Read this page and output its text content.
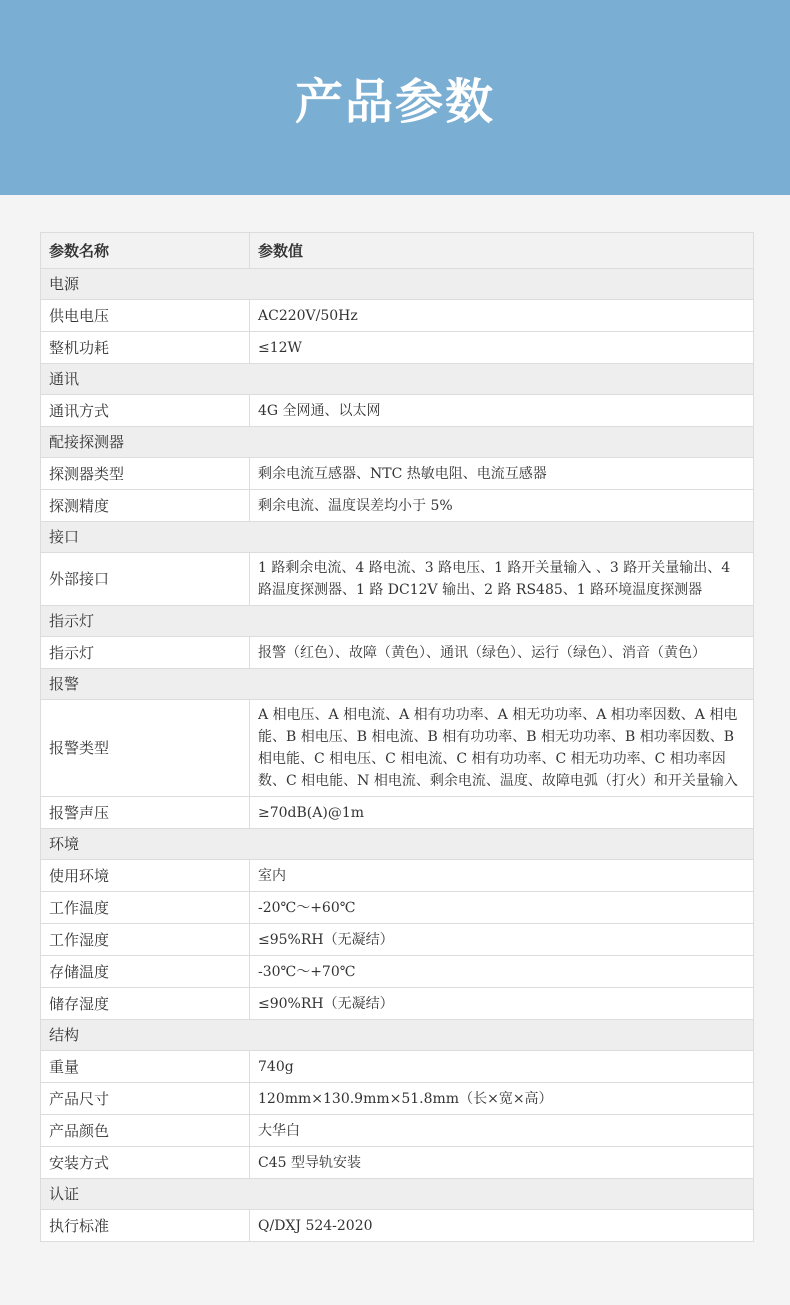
产品参数
参数名称	参数值
电源	
供电电压	AC220V/50Hz
整机功耗	≤12W
通讯	
通讯方式	4G 全网通、以太网
配接探测器	
探测器类型	剩余电流互感器、NTC 热敏电阻、电流互感器
探测精度	剩余电流、温度误差均小于 5%
接口	
外部接口	1 路剩余电流、4 路电流、3 路电压、1 路开关量输入 、3 路开关量输出、4 路温度探测器、1 路 DC12V 输出、2 路 RS485、1 路环境温度探测器
指示灯	
指示灯	报警（红色）、故障（黄色）、通讯（绿色）、运行（绿色）、消音（黄色）
报警	
报警类型	A 相电压、A 相电流、A 相有功功率、A 相无功功率、A 相功率因数、A 相电能、B 相电压、B 相电流、B 相有功功率、B 相无功功率、B 相功率因数、B 相电能、C 相电压、C 相电流、C 相有功功率、C 相无功功率、C 相功率因数、C 相电能、N 相电流、剩余电流、温度、故障电弧（打火）和开关量输入
报警声压	≥70dB(A)@1m
环境	
使用环境	室内
工作温度	-20℃～+60℃
工作湿度	≤95%RH（无凝结）
存储温度	-30℃～+70℃
储存湿度	≤90%RH（无凝结）
结构	
重量	740g
产品尺寸	120mm×130.9mm×51.8mm（长×宽×高）
产品颜色	大华白
安装方式	C45 型导轨安装
认证	
执行标准	Q/DXJ 524-2020
